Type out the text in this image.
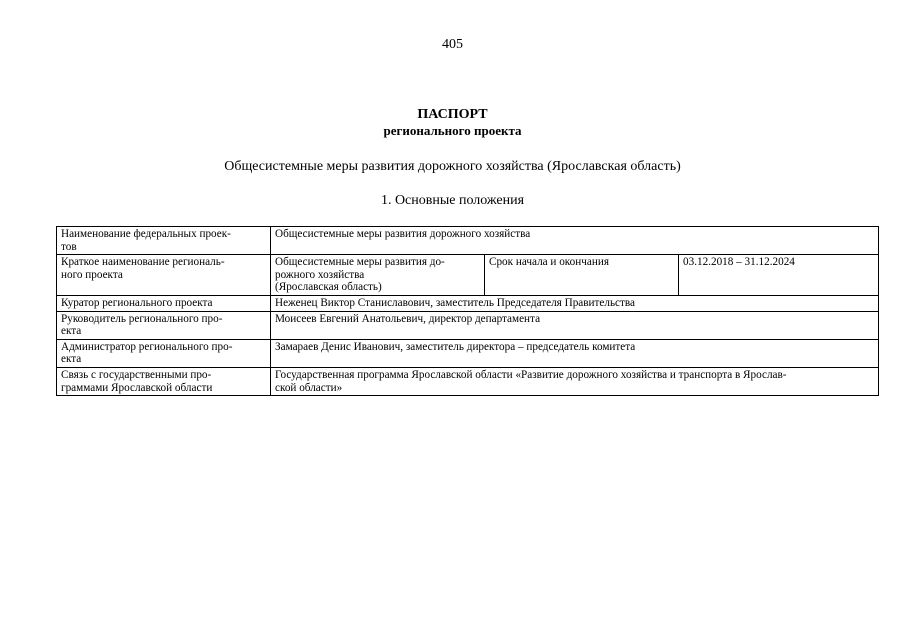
405
ПАСПОРТ
регионального проекта
Общесистемные меры развития дорожного хозяйства (Ярославская область)
1. Основные положения
Наименование федеральных проек-
тов	Общесистемные меры развития дорожного хозяйства		

Краткое наименование региональ-
ного проекта	Общесистемные меры развития до-
рожного хозяйства
(Ярославская область)	Срок начала и окончания	03.12.2018 – 31.12.2024
Куратор регионального проекта	Неженец Виктор Станиславович, заместитель Председателя Правительства		

Руководитель регионального про-
екта	Моисеев Евгений Анатольевич, директор департамента		

Администратор регионального про-
екта	Замараев Денис Иванович, заместитель директора – председатель комитета		

Связь с государственными про-
граммами Ярославской области	Государственная программа Ярославской области «Развитие дорожного хозяйства и транспорта в Ярослав-
ской области»		
